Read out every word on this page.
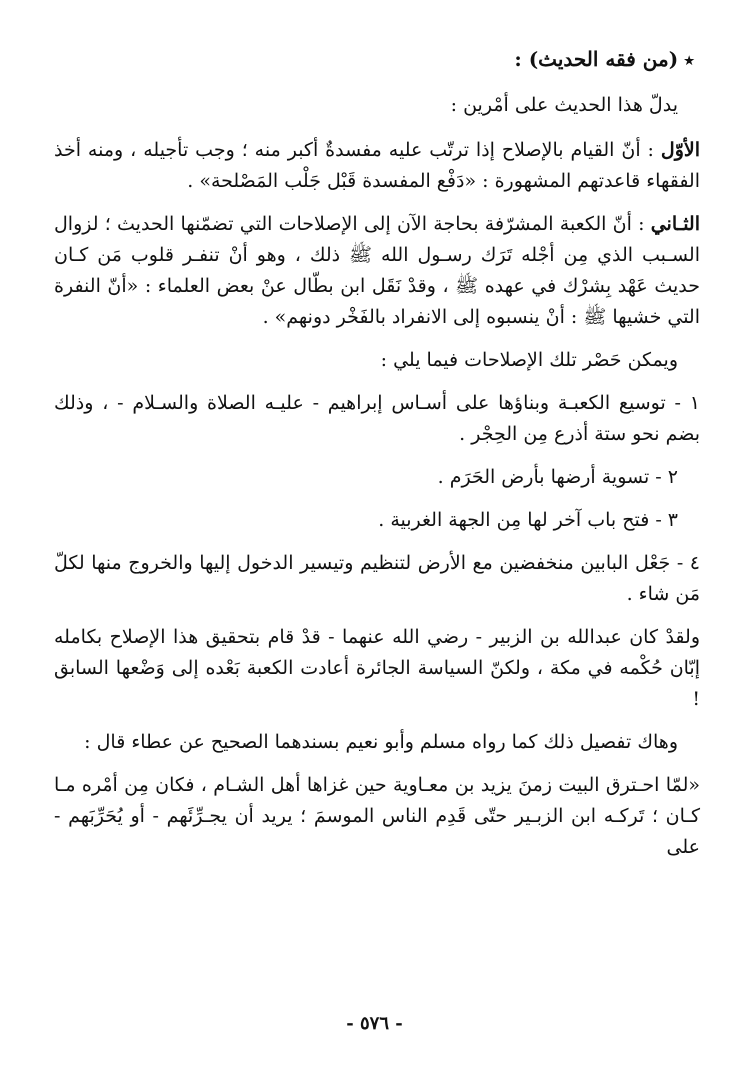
٭(من فقه الحديث) :

يدلّ هذا الحديث على أمْرين :

الأوّل : أنّ القيام بالإصلاح إذا ترتّب عليه مفسدةٌ أكبر منه ؛ وجب تأجيله ، ومنه أخذ الفقهاء قاعدتهم المشهورة : «دَفْع المفسدة قَبْل جَلْب المَصْلحة» .

الثـاني : أنّ الكعبة المشرّفة بحاجة الآن إلى الإصلاحات التي تضمّنها الحديث ؛ لزوال السـبب الذي مِن أجْله تَرَك رسـول الله ﷺ ذلك ، وهو أنْ تنفـر قلوب مَن كـان حديث عَهْد بِشرْك في عهده ﷺ ، وقدْ نَقَل ابن بطّال عنْ بعض العلماء : «أنّ النفرة التي خشيها ﷺ : أنْ ينسبوه إلى الانفراد بالفَخْر دونهم» .

ويمكن حَصْر تلك الإصلاحات فيما يلي :

١ - توسيع الكعبـة وبناؤها على أسـاس إبراهيم - عليـه الصلاة والسـلام - ، وذلك بضم نحو ستة أذرع مِن الحِجْر .

٢ - تسوية أرضها بأرض الحَرَم .

٣ - فتح باب آخر لها مِن الجهة الغربية .

٤ - جَعْل البابين منخفضين مع الأرض لتنظيم وتيسير الدخول إليها والخروج منها لكلّ مَن شاء .

ولقدْ كان عبدالله بن الزبير - رضي الله عنهما - قدْ قام بتحقيق هذا الإصلاح بكامله إبّان حُكْمه في مكة ، ولكنّ السياسة الجائرة أعادت الكعبة بَعْده إلى وَضْعها السابق !

وهاك تفصيل ذلك كما رواه مسلم وأبو نعيم بسندهما الصحيح عن عطاء قال :

«لمّا احـترق البيت زمنَ يزيد بن معـاوية حين غزاها أهل الشـام ، فكان مِن أمْره مـا كـان ؛ تَركـه ابن الزبـير حتّى قَدِم الناس الموسمَ ؛ يريد أن يجـرِّئَهم - أو يُحَرِّبَهم - على

- ٥٧٦ -
